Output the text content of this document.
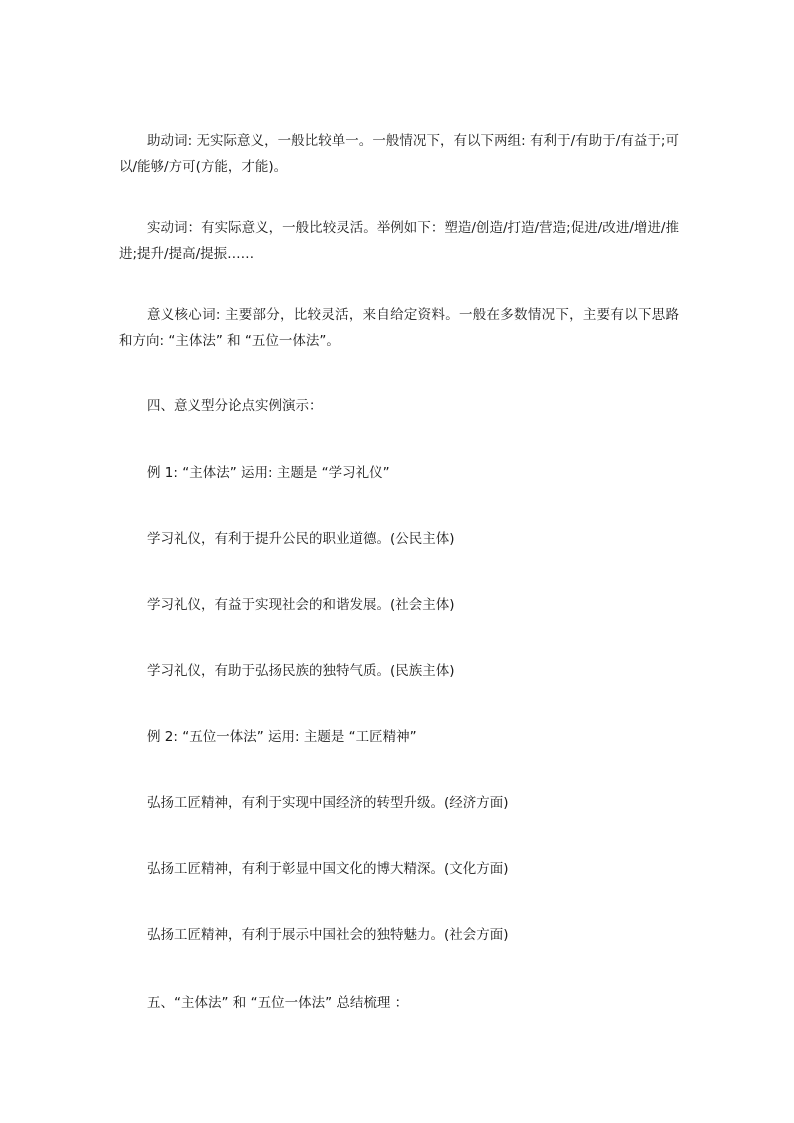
助动词: 无实际意义，一般比较单一。一般情况下，有以下两组: 有利于/有助于/有益于;可以/能够/方可(方能，才能)。

实动词：有实际意义，一般比较灵活。举例如下：塑造/创造/打造/营造;促进/改进/增进/推进;提升/提高/提振……

意义核心词: 主要部分，比较灵活，来自给定资料。一般在多数情况下，主要有以下思路和方向: “主体法” 和 “五位一体法”。

四、意义型分论点实例演示：

例 1: “主体法” 运用: 主题是 “学习礼仪”

学习礼仪，有利于提升公民的职业道德。(公民主体)

学习礼仪，有益于实现社会的和谐发展。(社会主体)

学习礼仪，有助于弘扬民族的独特气质。(民族主体)

例 2: “五位一体法” 运用: 主题是 “工匠精神”

弘扬工匠精神，有利于实现中国经济的转型升级。(经济方面)

弘扬工匠精神，有利于彰显中国文化的博大精深。(文化方面)

弘扬工匠精神，有利于展示中国社会的独特魅力。(社会方面)

五、“主体法” 和 “五位一体法” 总结梳理 ：
